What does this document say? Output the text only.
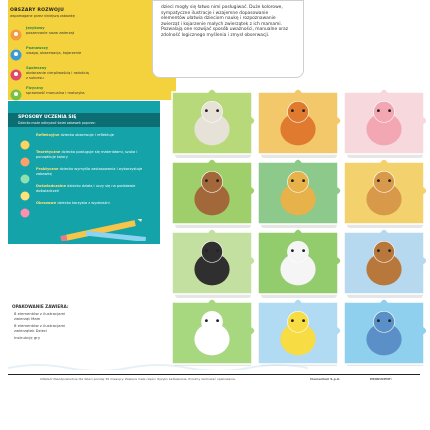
OBSZARY ROZWOJU
wspomagane przez niniejszą zabawkę
Językowy
poszerzanie nazw zwierząt
Poznawczy
uwaga, obserwacja, kojarzenie
Społeczny
obdarzanie cierpliwością i radością z sukcesu
Fizyczny
sprawność manualna i motoryka
dzieci mogły się łatwo nimi posługiwać. Duże kolorowe, sympatyczne ilustracje i wzajemne dopasowanie elementów ułatwia dzieciom naukę i rozpoznawanie zwierząt i kojarzenie małych zwierzątek z ich mamami. Pozwalają one rozwijać sposób uważności, manualne oraz zdolność logicznego myślenia i zmysł obserwacji.
SPOSOBY UCZENIA SIĘ
Dziecko może odkrywać świat zabawek poprzez:
Refleksyjne dziecko obserwuje i reflektuje
Teoretyczne dziecko posługuje się materiałami, szuka i porządkuje kolory
Praktyczne dziecko wymyśla zastosowania i wykorzystuje zabawkę
Doświadczalne dziecko działa i uczy się na podstawie doświadczeń
Obrazowe dziecko korzysta z wyobraźni
OPAKOWANIE ZAWIERA:
UWAGA! Nieodpowiednie dla dzieci poniżej 36 miesięcy. Zawiera małe części. Ryzyko zadławienia. Prosimy zachować opakowanie.	Clementoni S.p.A.	PRODUCENT:
8 elementów z ilustracjami zwierząt Mam
8 elementów z ilustracjami zwierzątek Dzieci
Instrukcję gry
